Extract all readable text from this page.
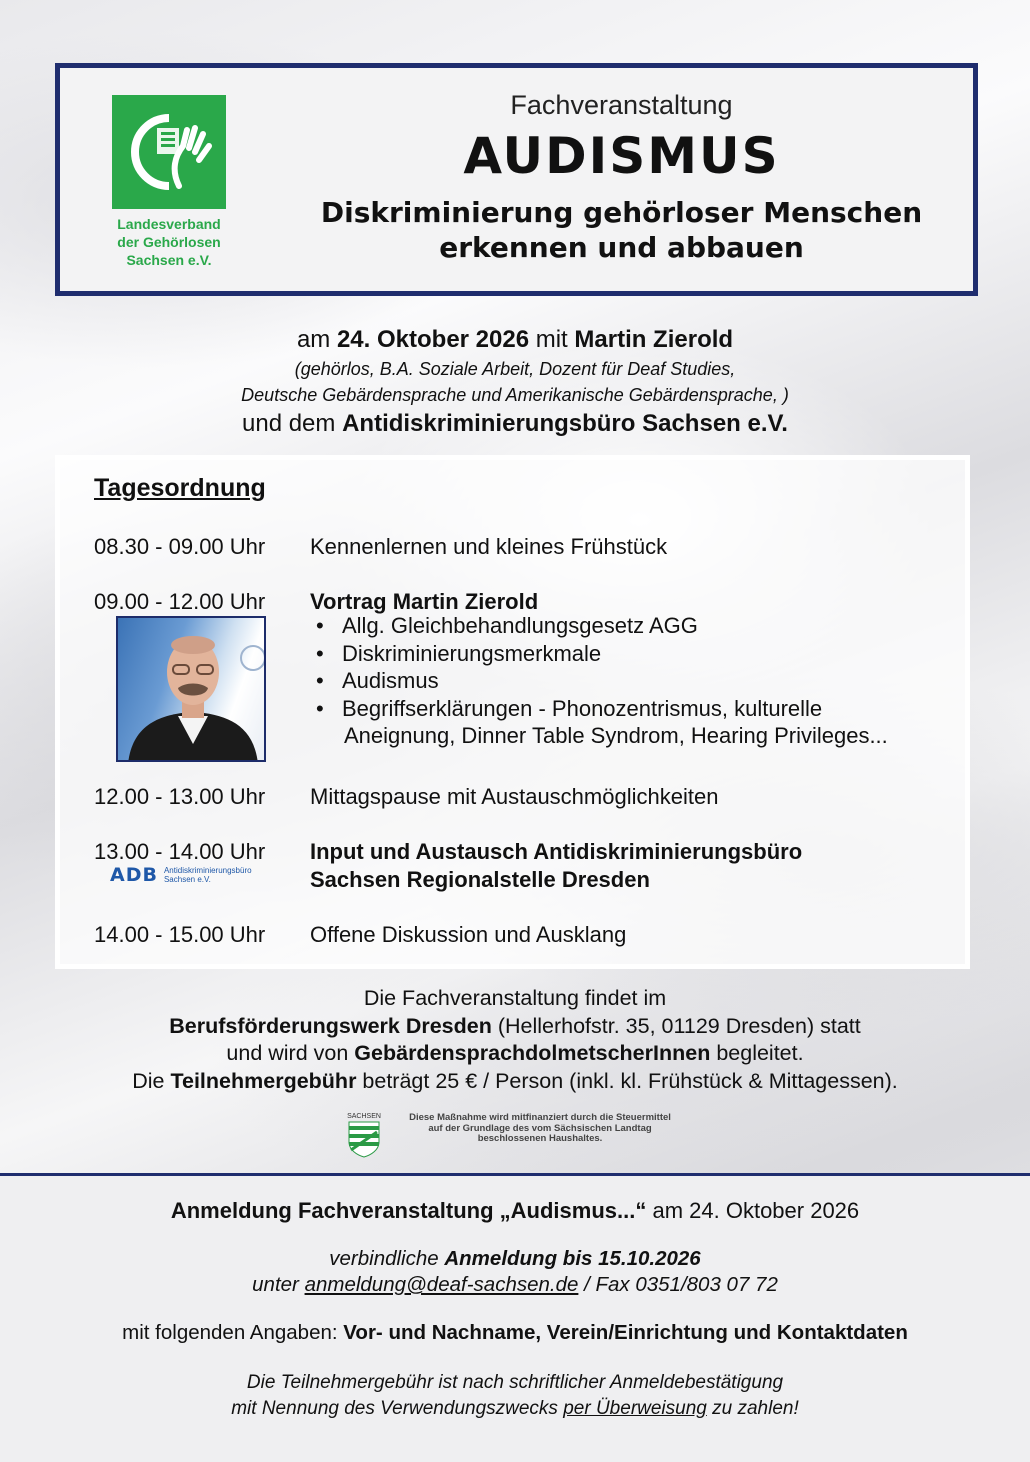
Landesverband
der Gehörlosen
Sachsen e.V.
Fachveranstaltung
AUDISMUS
Diskriminierung gehörloser Menschen
erkennen und abbauen
am 24. Oktober 2026 mit Martin Zierold
(gehörlos, B.A. Soziale Arbeit, Dozent für Deaf Studies,
Deutsche Gebärdensprache und Amerikanische Gebärdensprache, )
und dem Antidiskriminierungsbüro Sachsen e.V.
Tagesordnung
08.30 - 09.00 Uhr	Kennenlernen und kleines Frühstück
09.00 - 12.00 Uhr	Vortrag Martin Zierold
• Allg. Gleichbehandlungsgesetz AGG
• Diskriminierungsmerkmale
• Audismus
• Begriffserklärungen - Phonozentrismus, kulturelle
Aneignung, Dinner Table Syndrom, Hearing Privileges...
12.00 - 13.00 Uhr	Mittagspause mit Austauschmöglichkeiten
13.00 - 14.00 Uhr	Input und Austausch Antidiskriminierungsbüro
Sachsen Regionalstelle Dresden
ADB Antidiskriminierungsbüro
Sachsen e.V.
14.00 - 15.00 Uhr	Offene Diskussion und Ausklang
Die Fachveranstaltung findet im
Berufsförderungswerk Dresden (Hellerhofstr. 35, 01129 Dresden) statt
und wird von GebärdensprachdolmetscherInnen begleitet.
Die Teilnehmergebühr beträgt 25 € / Person (inkl. kl. Frühstück & Mittagessen).
SACHSEN	Diese Maßnahme wird mitfinanziert durch die Steuermittel
auf der Grundlage des vom Sächsischen Landtag
beschlossenen Haushaltes.
Anmeldung Fachveranstaltung „Audismus...“ am 24. Oktober 2026
verbindliche Anmeldung bis 15.10.2026
unter anmeldung@deaf-sachsen.de / Fax 0351/803 07 72
mit folgenden Angaben: Vor- und Nachname, Verein/Einrichtung und Kontaktdaten
Die Teilnehmergebühr ist nach schriftlicher Anmeldebestätigung
mit Nennung des Verwendungszwecks per Überweisung zu zahlen!
